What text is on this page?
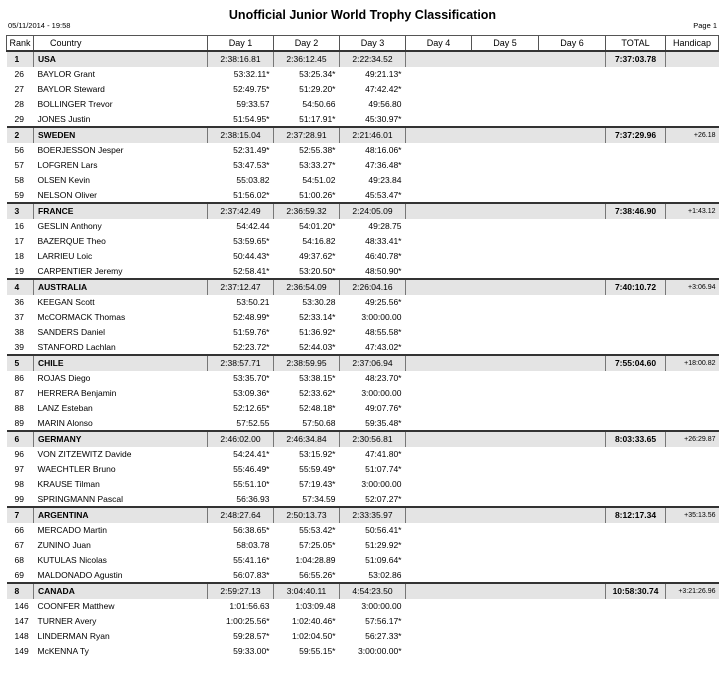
05/11/2014 - 19:58
Unofficial Junior World Trophy Classification
Page 1
Rank	Country	Day 1	Day 2	Day 3	Day 4	Day 5	Day 6	TOTAL	Handicap
1	USA	2:38:16.81	2:36:12.45	2:22:34.52				7:37:03.78	
26	BAYLOR Grant	53:32.11*	53:25.34*	49:21.13*					
27	BAYLOR Steward	52:49.75*	51:29.20*	47:42.42*					
28	BOLLINGER Trevor	59:33.57	54:50.66	49:56.80					
29	JONES Justin	51:54.95*	51:17.91*	45:30.97*					
2	SWEDEN	2:38:15.04	2:37:28.91	2:21:46.01				7:37:29.96	+26.18
56	BOERJESSON Jesper	52:31.49*	52:55.38*	48:16.06*					
57	LOFGREN Lars	53:47.53*	53:33.27*	47:36.48*					
58	OLSEN Kevin	55:03.82	54:51.02	49:23.84					
59	NELSON Oliver	51:56.02*	51:00.26*	45:53.47*					
3	FRANCE	2:37:42.49	2:36:59.32	2:24:05.09				7:38:46.90	+1:43.12
16	GESLIN Anthony	54:42.44	54:01.20*	49:28.75					
17	BAZERQUE Theo	53:59.65*	54:16.82	48:33.41*					
18	LARRIEU Loic	50:44.43*	49:37.62*	46:40.78*					
19	CARPENTIER Jeremy	52:58.41*	53:20.50*	48:50.90*					
4	AUSTRALIA	2:37:12.47	2:36:54.09	2:26:04.16				7:40:10.72	+3:06.94
36	KEEGAN Scott	53:50.21	53:30.28	49:25.56*					
37	McCORMACK Thomas	52:48.99*	52:33.14*	3:00:00.00					
38	SANDERS Daniel	51:59.76*	51:36.92*	48:55.58*					
39	STANFORD Lachlan	52:23.72*	52:44.03*	47:43.02*					
5	CHILE	2:38:57.71	2:38:59.95	2:37:06.94				7:55:04.60	+18:00.82
86	ROJAS Diego	53:35.70*	53:38.15*	48:23.70*					
87	HERRERA Benjamin	53:09.36*	52:33.62*	3:00:00.00					
88	LANZ Esteban	52:12.65*	52:48.18*	49:07.76*					
89	MARIN Alonso	57:52.55	57:50.68	59:35.48*					
6	GERMANY	2:46:02.00	2:46:34.84	2:30:56.81				8:03:33.65	+26:29.87
96	VON ZITZEWITZ Davide	54:24.41*	53:15.92*	47:41.80*					
97	WAECHTLER Bruno	55:46.49*	55:59.49*	51:07.74*					
98	KRAUSE Tilman	55:51.10*	57:19.43*	3:00:00.00					
99	SPRINGMANN Pascal	56:36.93	57:34.59	52:07.27*					
7	ARGENTINA	2:48:27.64	2:50:13.73	2:33:35.97				8:12:17.34	+35:13.56
66	MERCADO Martin	56:38.65*	55:53.42*	50:56.41*					
67	ZUNINO Juan	58:03.78	57:25.05*	51:29.92*					
68	KUTULAS Nicolas	55:41.16*	1:04:28.89	51:09.64*					
69	MALDONADO Agustin	56:07.83*	56:55.26*	53:02.86					
8	CANADA	2:59:27.13	3:04:40.11	4:54:23.50				10:58:30.74	+3:21:26.96
146	COONFER Matthew	1:01:56.63	1:03:09.48	3:00:00.00					
147	TURNER Avery	1:00:25.56*	1:02:40.46*	57:56.17*					
148	LINDERMAN Ryan	59:28.57*	1:02:04.50*	56:27.33*					
149	McKENNA Ty	59:33.00*	59:55.15*	3:00:00.00*					
